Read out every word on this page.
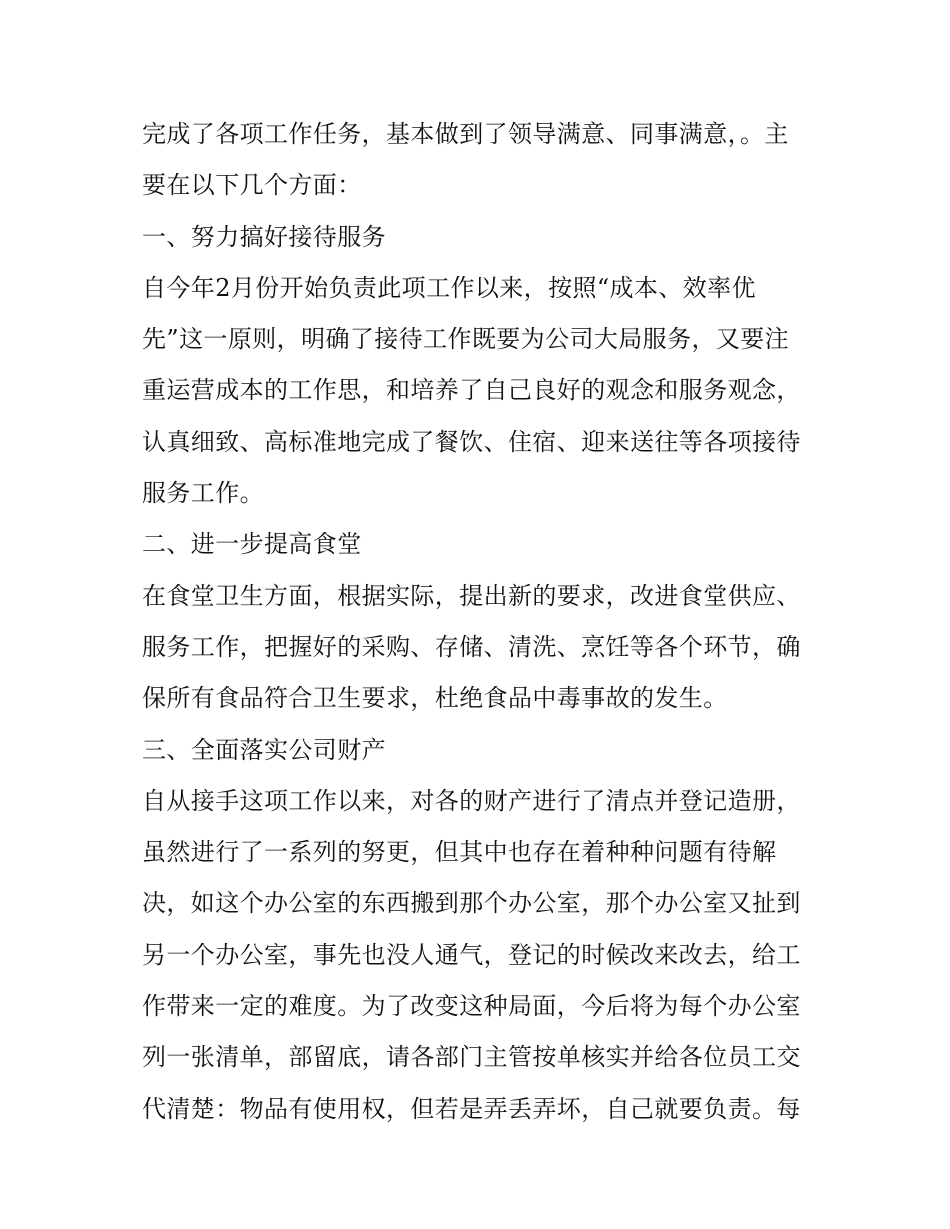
完成了各项工作任务，基本做到了领导满意、同事满意，。主
要在以下几个方面：
一、努力搞好接待服务
自今年2月份开始负责此项工作以来，按照“成本、效率优
先”这一原则，明确了接待工作既要为公司大局服务，又要注
重运营成本的工作思，和培养了自己良好的观念和服务观念，
认真细致、高标准地完成了餐饮、住宿、迎来送往等各项接待
服务工作。
二、进一步提高食堂
在食堂卫生方面，根据实际，提出新的要求，改进食堂供应、
服务工作，把握好的采购、存储、清洗、烹饪等各个环节，确
保所有食品符合卫生要求，杜绝食品中毒事故的发生。
三、全面落实公司财产
自从接手这项工作以来，对各的财产进行了清点并登记造册，
虽然进行了一系列的努更，但其中也存在着种种问题有待解
决，如这个办公室的东西搬到那个办公室，那个办公室又扯到
另一个办公室，事先也没人通气，登记的时候改来改去，给工
作带来一定的难度。为了改变这种局面，今后将为每个办公室
列一张清单，部留底，请各部门主管按单核实并给各位员工交
代清楚：物品有使用权，但若是弄丢弄坏，自己就要负责。每
